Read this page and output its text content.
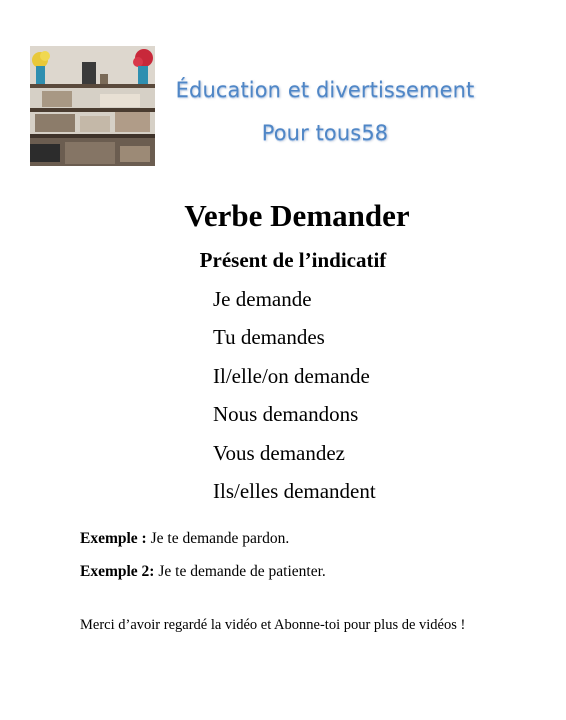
Éducation et divertissement
Pour tous58
Verbe Demander
Présent de l’indicatif
Je demande
Tu demandes
Il/elle/on demande
Nous demandons
Vous demandez
Ils/elles demandent
Exemple : Je te demande pardon.
Exemple 2: Je te demande de patienter.
Merci d’avoir regardé la vidéo et Abonne-toi pour plus de vidéos !
